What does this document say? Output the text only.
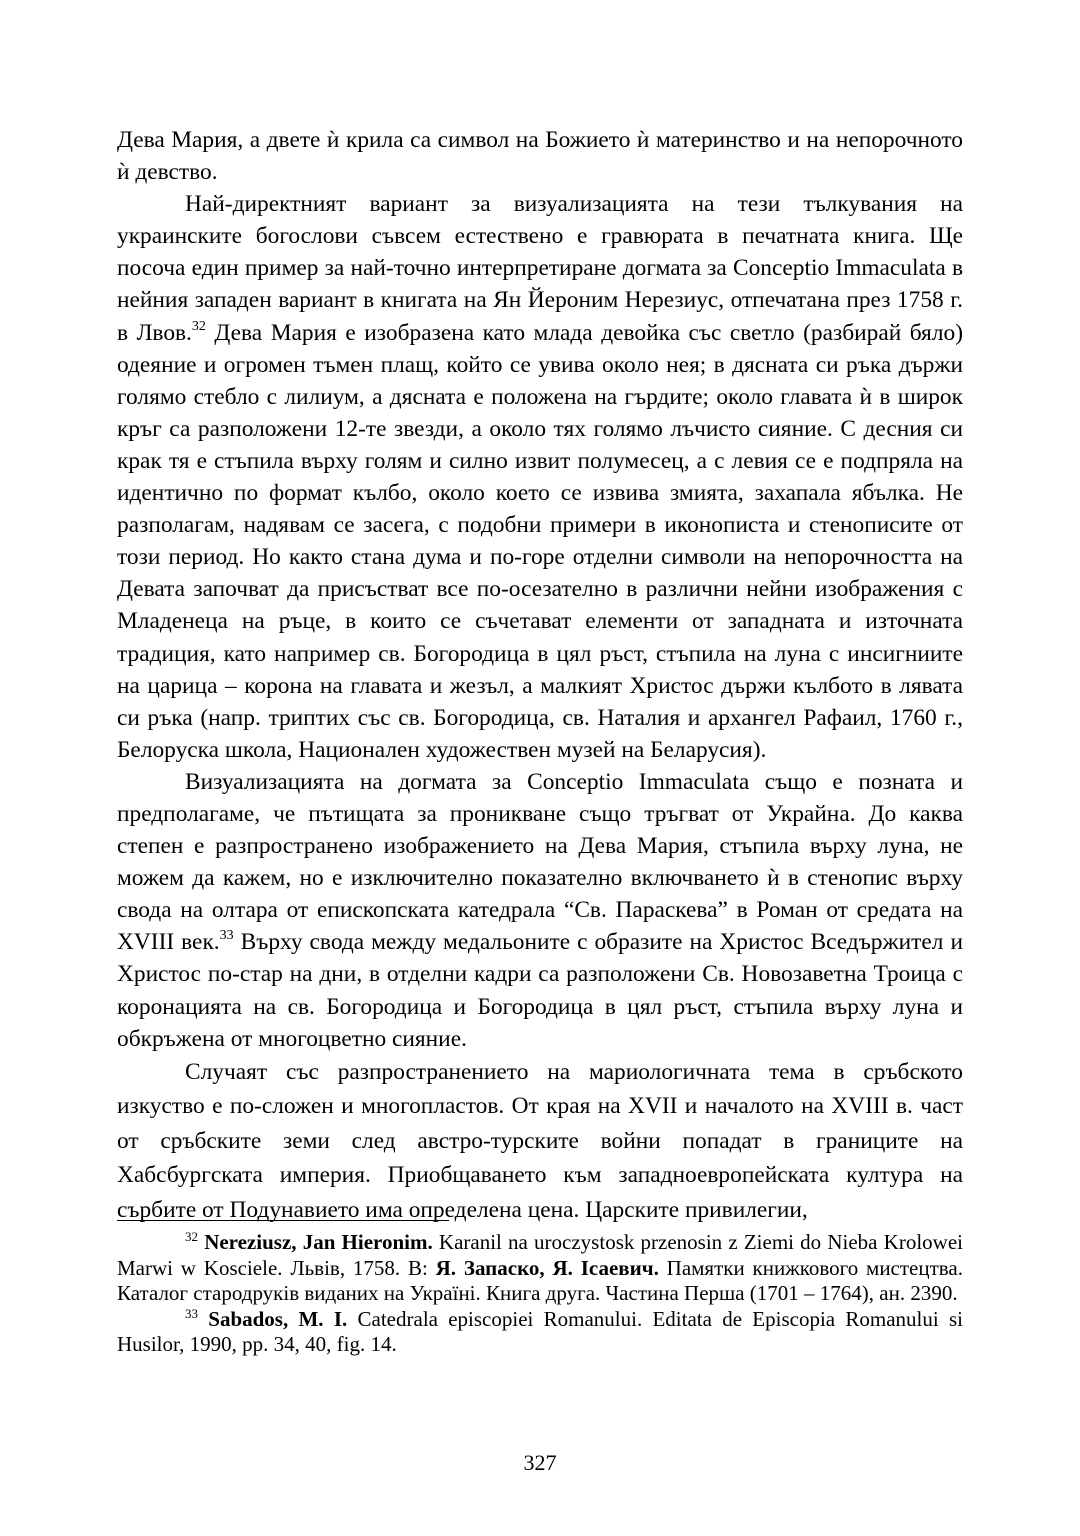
Дева Мария, а двете ѝ крила са символ на Божието ѝ материнство и на непорочното ѝ девство.

Най-директният вариант за визуализацията на тези тълкувания на украинските богослови съвсем естествено е гравюрата в печатната книга. Ще посоча един пример за най-точно интерпретиране догмата за Conceptio Immaculata в нейния западен вариант в книгата на Ян Йероним Нерезиус, отпечатана през 1758 г. в Лвов.$^{32}$ Дева Мария е изобразена като млада девойка със светло (разбирай бяло) одеяние и огромен тъмен плащ, който се увива около нея; в дясната си ръка държи голямо стебло с лилиум, а дясната е положена на гърдите; около главата ѝ в широк кръг са разположени 12-те звезди, а около тях голямо лъчисто сияние. С десния си крак тя е стъпила върху голям и силно извит полумесец, а с левия се е подпряла на идентично по формат кълбо, около което се извива змията, захапала ябълка. Не разполагам, надявам се засега, с подобни примери в иконописта и стенописите от този период. Но както стана дума и по-горе отделни символи на непорочността на Девата започват да присъстват все по-осезателно в различни нейни изображения с Младенеца на ръце, в които се съчетават елементи от западната и източната традиция, като например св. Богородица в цял ръст, стъпила на луна с инсигниите на царица – корона на главата и жезъл, а малкият Христос държи кълбото в лявата си ръка (напр. триптих със св. Богородица, св. Наталия и архангел Рафаил, 1760 г., Белоруска школа, Национален художествен музей на Беларусия).

Визуализацията на догмата за Conceptio Immaculata също е позната и предполагаме, че пътищата за проникване също тръгват от Украйна. До каква степен е разпространено изображението на Дева Мария, стъпила върху луна, не можем да кажем, но е изключително показателно включването ѝ в стенопис върху свода на олтара от епископската катедрала “Св. Параскева” в Роман от средата на XVIII век.$^{33}$ Върху свода между медальоните с образите на Христос Вседържител и Христос по-стар на дни, в отделни кадри са разположени Св. Новозаветна Троица с коронацията на св. Богородица и Богородица в цял ръст, стъпила върху луна и обкръжена от многоцветно сияние.

Случаят със разпространението на мариологичната тема в сръбското изкуство е по-сложен и многопластов. От края на XVII и началото на XVIII в. част от сръбските земи след австро-турските войни попадат в границите на Хабсбургската империя. Приобщаването към западноевропейската култура на сърбите от Подунавието има определена цена. Царските привилегии,

$^{32}$ Nereziusz, Jan Hieronim. Karanil na uroczystosk przenosin z Ziemi do Nieba Krolowei Marwi w Kosciele. Львів, 1758. В: Я. Запаско, Я. Ісаевич. Памятки книжкового мистецтва. Каталог стародруків виданих на Украïні. Книга друга. Частина Перша (1701 – 1764), ан. 2390.

$^{33}$ Sabados, M. I. Catedrala episcopiei Romanului. Editata de Episcopia Romanului si Husilor, 1990, pp. 34, 40, fig. 14.

327
